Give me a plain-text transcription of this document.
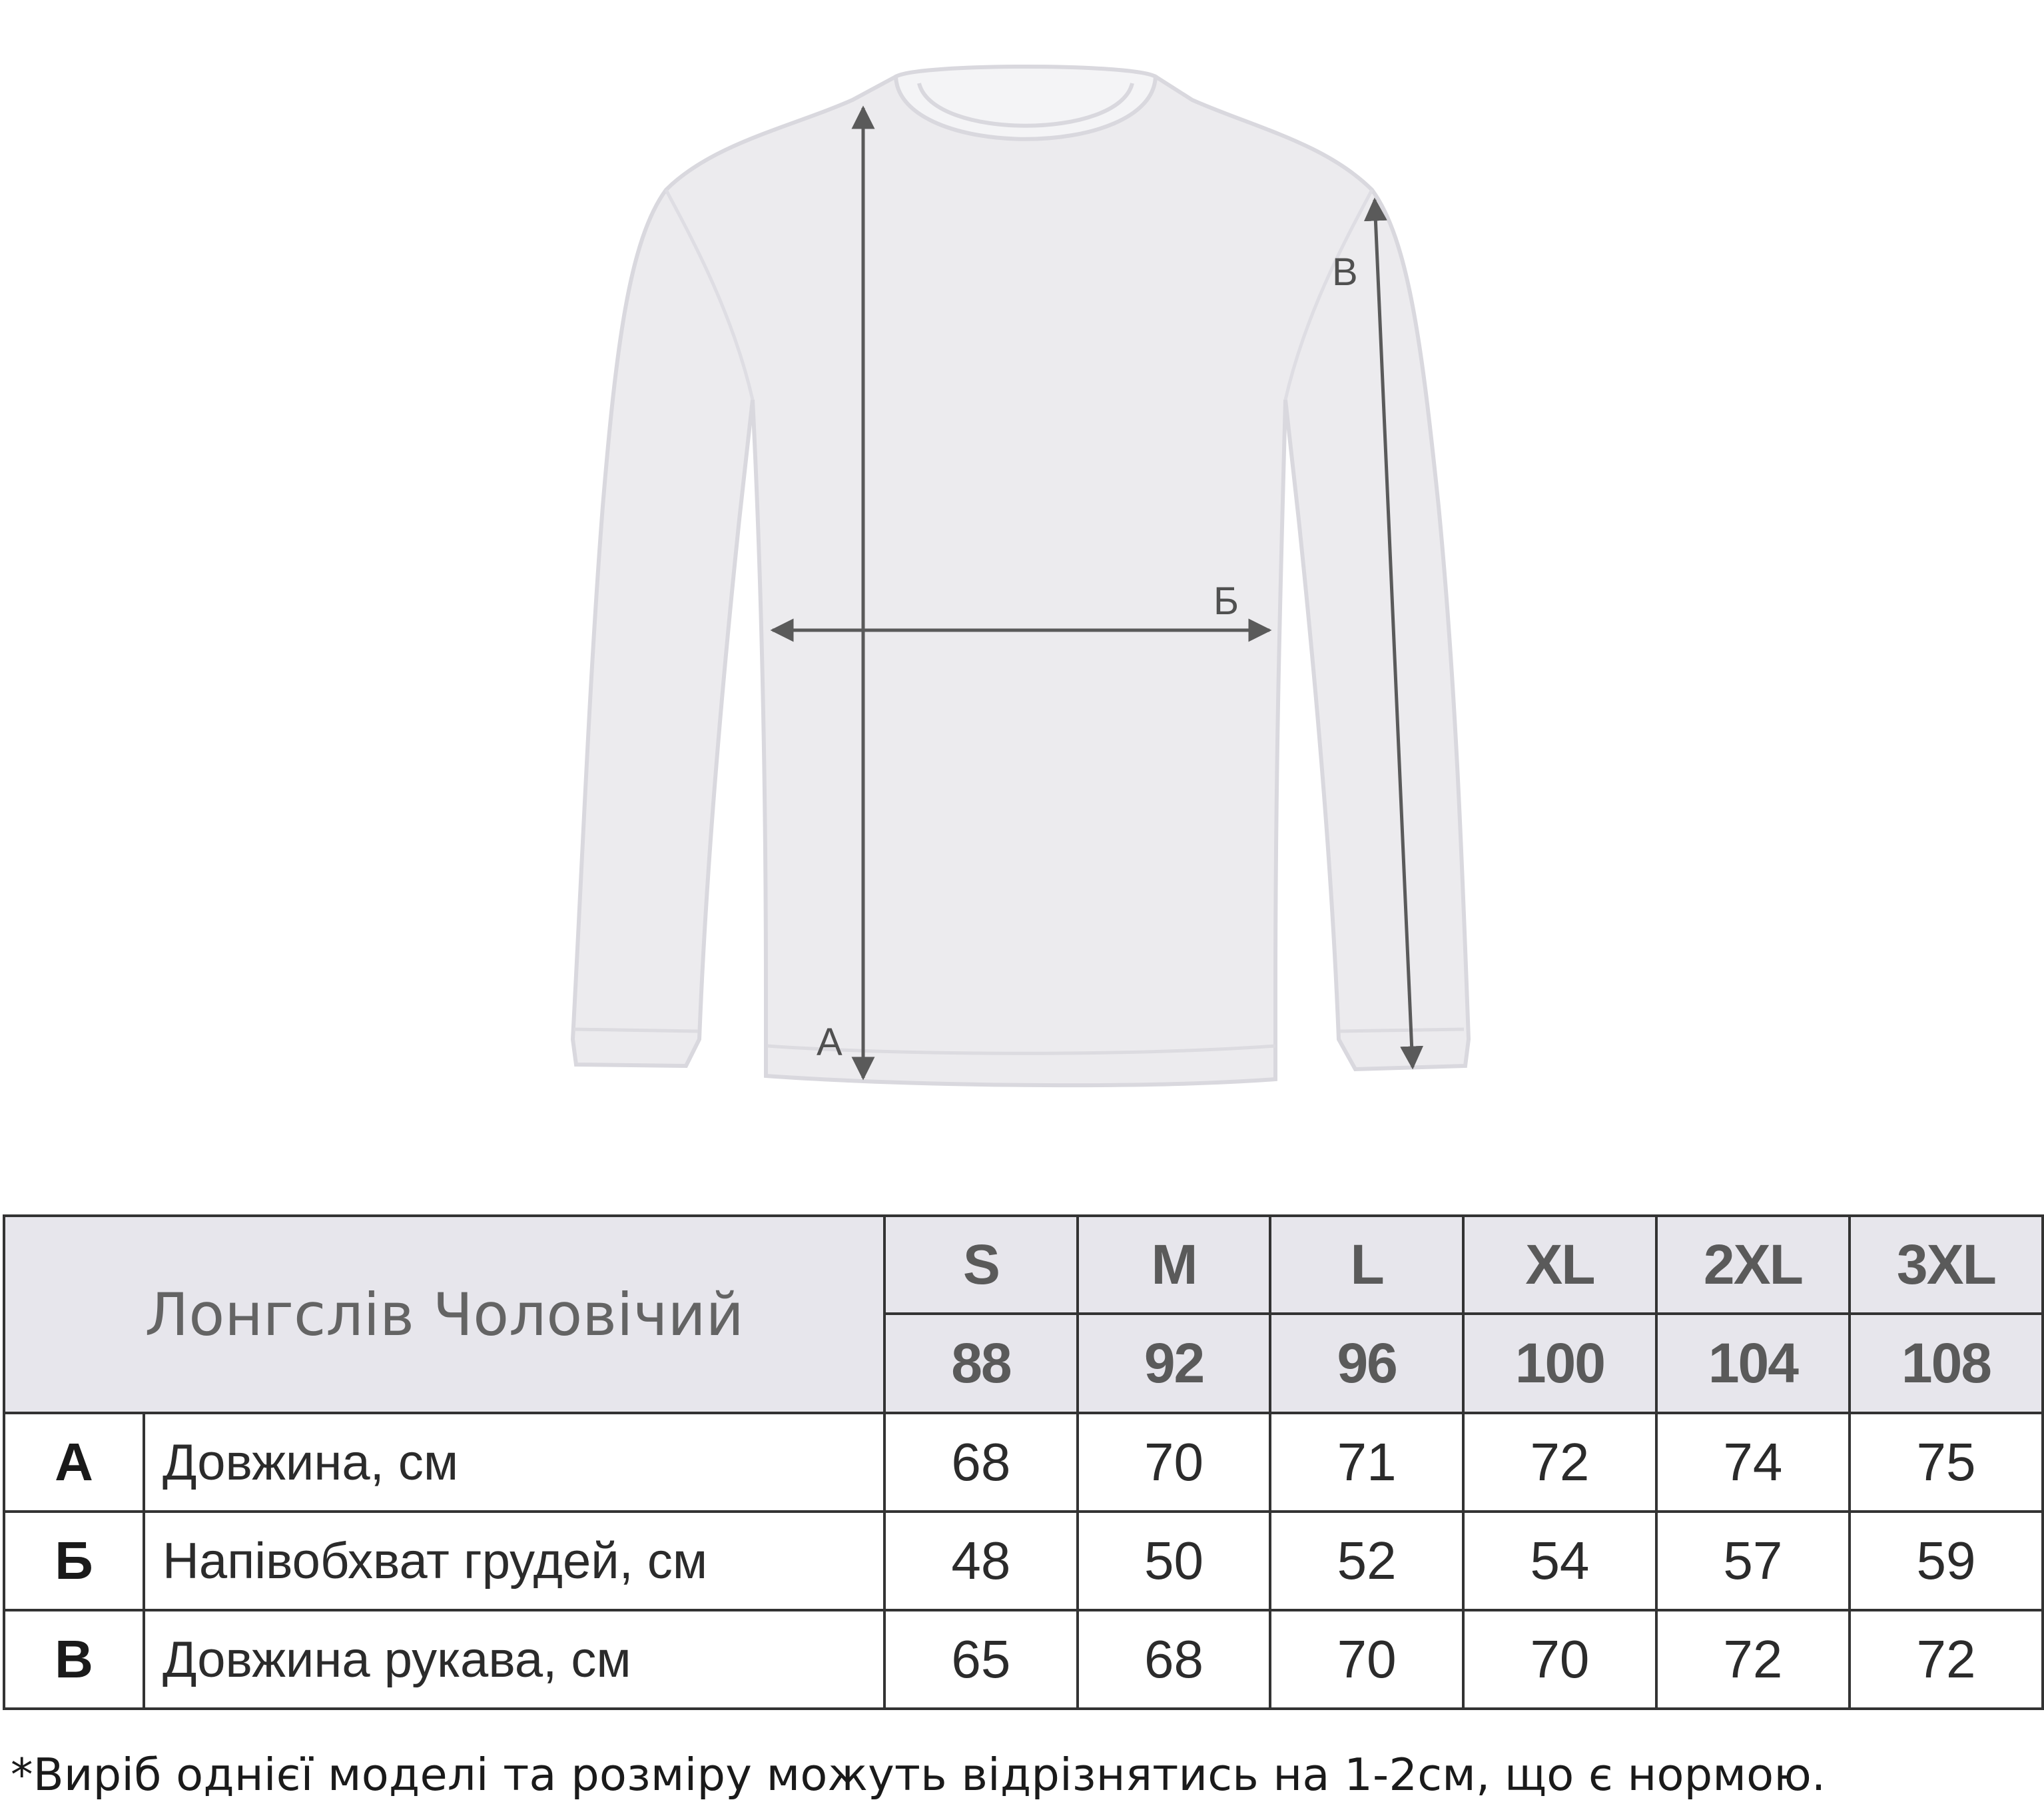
А
Б
В
Лонгслів Чоловічий		S	M	L	XL	2XL	3XL
		88	92	96	100	104	108
А	Довжина, см	68	70	71	72	74	75
Б	Напівобхват грудей, см	48	50	52	54	57	59
В	Довжина рукава, см	65	68	70	70	72	72
*Виріб однієї моделі та розміру можуть відрізнятись на 1-2см, що є нормою.
